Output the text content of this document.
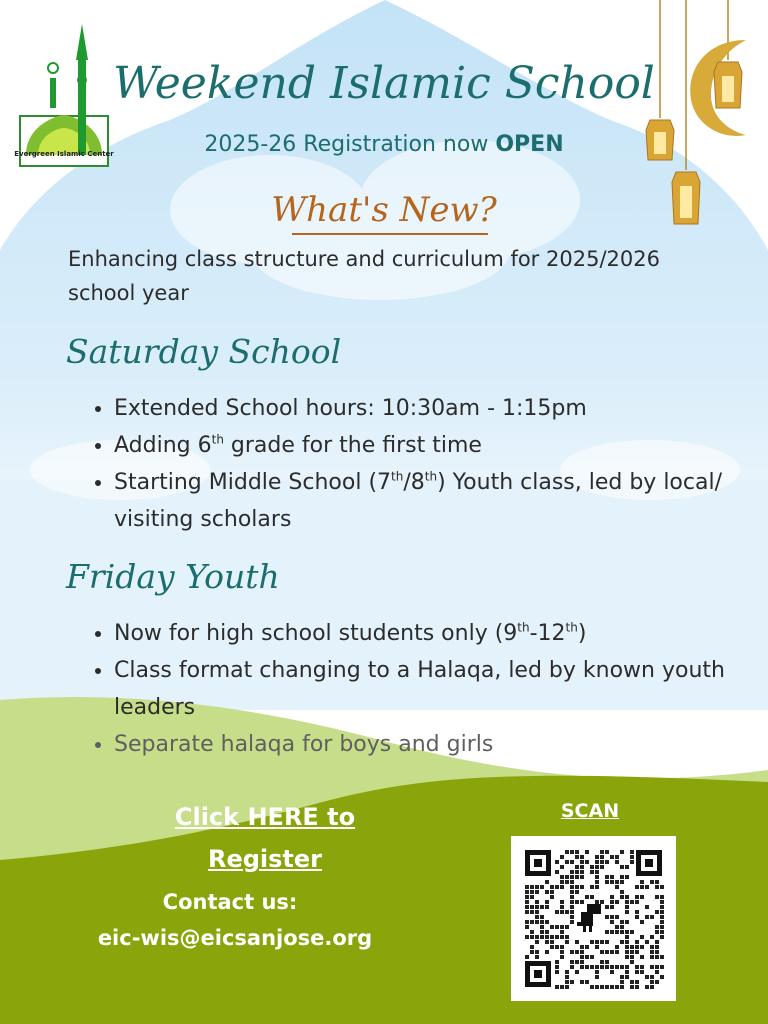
Evergreen Islamic Center
Weekend Islamic School
2025-26 Registration now OPEN
What's New?
Enhancing class structure and curriculum for 2025/2026 school year
Saturday School
• Extended School hours: 10:30am - 1:15pm
• Adding 6th grade for the first time
• Starting Middle School (7th/8th) Youth class, led by local/ visiting scholars
Friday Youth
• Now for high school students only (9th-12th)
• Class format changing to a Halaqa, led by known youth leaders
• Separate halaqa for boys and girls
Click HERE to
Register
Contact us:
eic-wis@eicsanjose.org
SCAN
